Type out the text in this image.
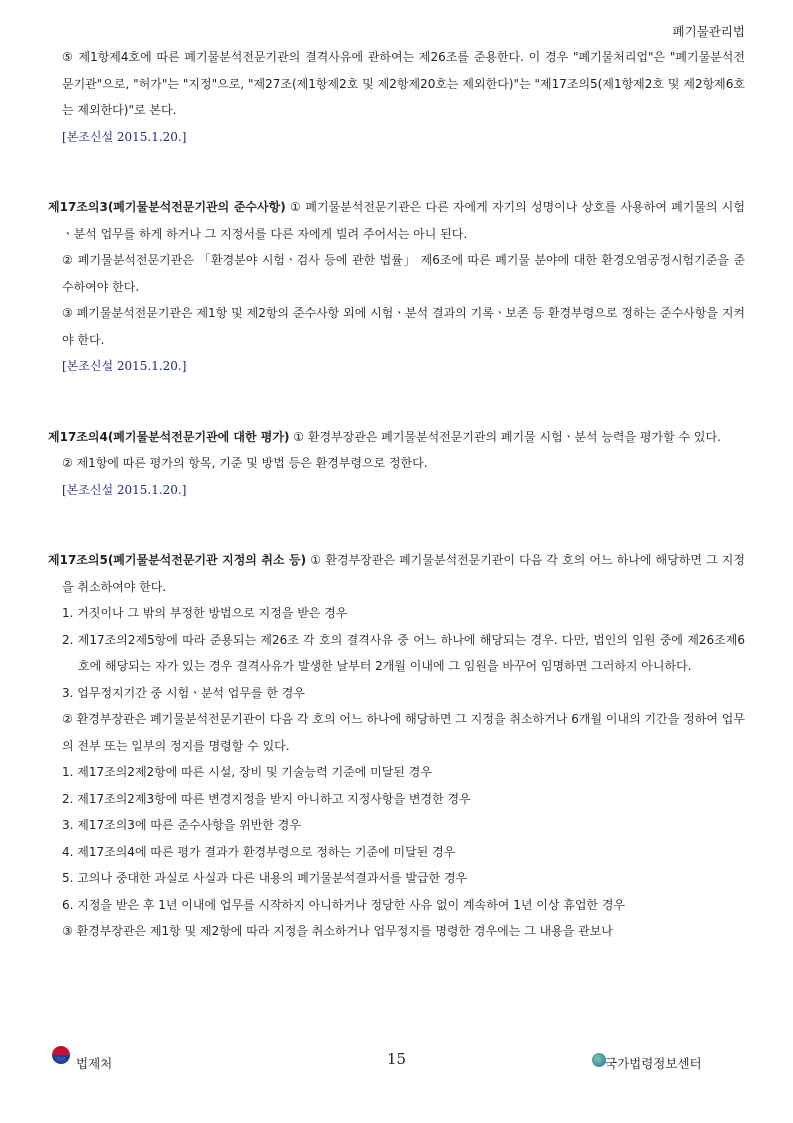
폐기물관리법

⑤ 제1항제4호에 따른 폐기물분석전문기관의 결격사유에 관하여는 제26조를 준용한다. 이 경우 "폐기물처리업"은 "폐기물분석전문기관"으로, "허가"는 "지정"으로, "제27조(제1항제2호 및 제2항제20호는 제외한다)"는 "제17조의5(제1항제2호 및 제2항제6호는 제외한다)"로 본다.

[본조신설 2015.1.20.]

제17조의3(폐기물분석전문기관의 준수사항) ① 폐기물분석전문기관은 다른 자에게 자기의 성명이나 상호를 사용하여 폐기물의 시험ㆍ분석 업무를 하게 하거나 그 지정서를 다른 자에게 빌려 주어서는 아니 된다.

② 폐기물분석전문기관은 「환경분야 시험ㆍ검사 등에 관한 법률」 제6조에 따른 폐기물 분야에 대한 환경오염공정시험기준을 준수하여야 한다.

③ 폐기물분석전문기관은 제1항 및 제2항의 준수사항 외에 시험ㆍ분석 결과의 기록ㆍ보존 등 환경부령으로 정하는 준수사항을 지켜야 한다.

[본조신설 2015.1.20.]

제17조의4(폐기물분석전문기관에 대한 평가) ① 환경부장관은 폐기물분석전문기관의 폐기물 시험ㆍ분석 능력을 평가할 수 있다.

② 제1항에 따른 평가의 항목, 기준 및 방법 등은 환경부령으로 정한다.

[본조신설 2015.1.20.]

제17조의5(폐기물분석전문기관 지정의 취소 등) ① 환경부장관은 폐기물분석전문기관이 다음 각 호의 어느 하나에 해당하면 그 지정을 취소하여야 한다.

1. 거짓이나 그 밖의 부정한 방법으로 지정을 받은 경우

2. 제17조의2제5항에 따라 준용되는 제26조 각 호의 결격사유 중 어느 하나에 해당되는 경우. 다만, 법인의 임원 중에 제26조제6호에 해당되는 자가 있는 경우 결격사유가 발생한 날부터 2개월 이내에 그 임원을 바꾸어 임명하면 그러하지 아니하다.

3. 업무정지기간 중 시험ㆍ분석 업무를 한 경우

② 환경부장관은 폐기물분석전문기관이 다음 각 호의 어느 하나에 해당하면 그 지정을 취소하거나 6개월 이내의 기간을 정하여 업무의 전부 또는 일부의 정지를 명령할 수 있다.

1. 제17조의2제2항에 따른 시설, 장비 및 기술능력 기준에 미달된 경우

2. 제17조의2제3항에 따른 변경지정을 받지 아니하고 지정사항을 변경한 경우

3. 제17조의3에 따른 준수사항을 위반한 경우

4. 제17조의4에 따른 평가 결과가 환경부령으로 정하는 기준에 미달된 경우

5. 고의나 중대한 과실로 사실과 다른 내용의 폐기물분석결과서를 발급한 경우

6. 지정을 받은 후 1년 이내에 업무를 시작하지 아니하거나 정당한 사유 없이 계속하여 1년 이상 휴업한 경우

③ 환경부장관은 제1항 및 제2항에 따라 지정을 취소하거나 업무정지를 명령한 경우에는 그 내용을 관보나

법제처	15	국가법령정보센터
